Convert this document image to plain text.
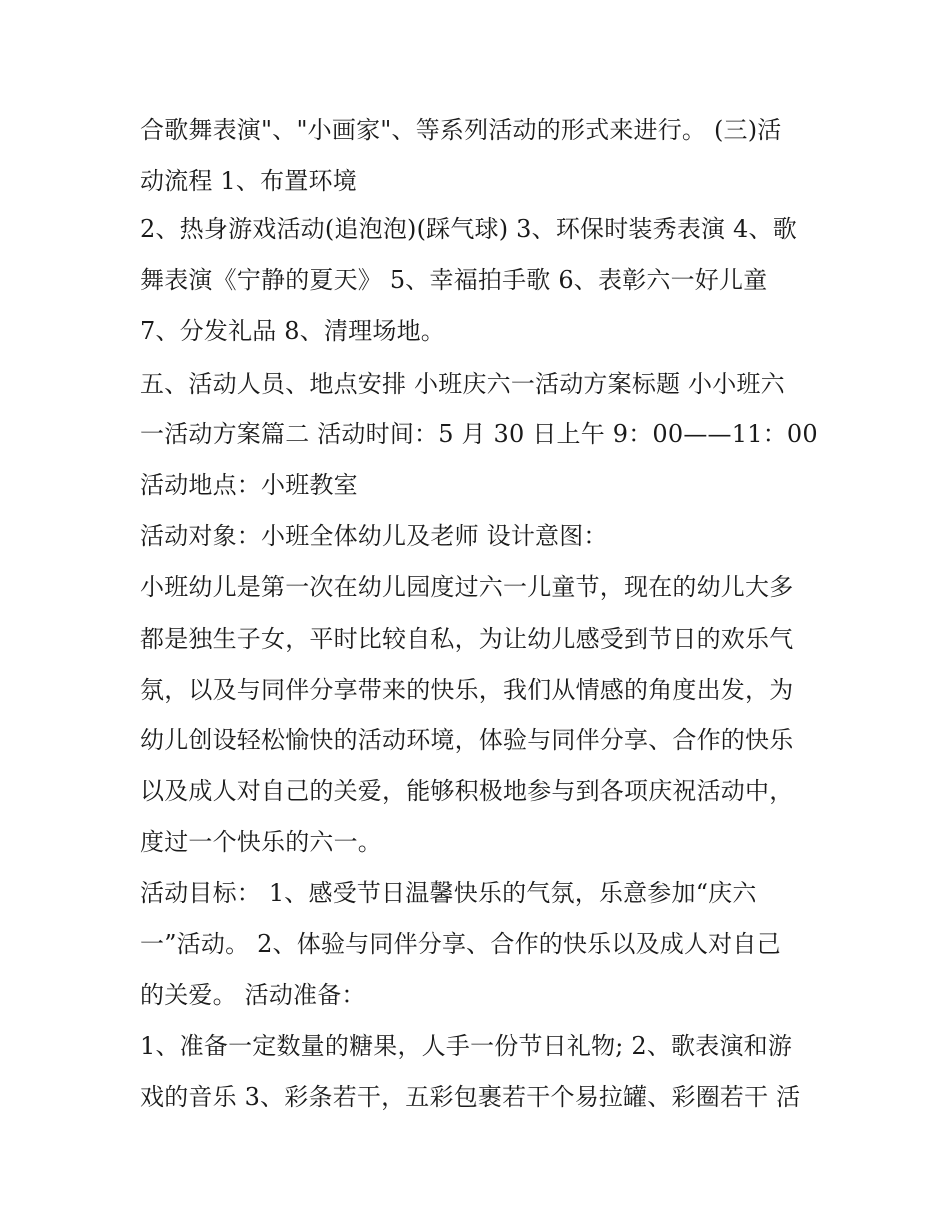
合歌舞表演"、"小画家"、等系列活动的形式来进行。 (三)活

动流程 1、布置环境

2、热身游戏活动(追泡泡)(踩气球) 3、环保时装秀表演 4、歌

舞表演《宁静的夏天》 5、幸福拍手歌 6、表彰六一好儿童

7、分发礼品 8、清理场地。

五、活动人员、地点安排 小班庆六一活动方案标题 小小班六

一活动方案篇二 活动时间：5 月 30 日上午 9：00——11：00

活动地点：小班教室

活动对象：小班全体幼儿及老师 设计意图：

小班幼儿是第一次在幼儿园度过六一儿童节，现在的幼儿大多

都是独生子女，平时比较自私，为让幼儿感受到节日的欢乐气

氛，以及与同伴分享带来的快乐，我们从情感的角度出发，为

幼儿创设轻松愉快的活动环境，体验与同伴分享、合作的快乐

以及成人对自己的关爱，能够积极地参与到各项庆祝活动中，

度过一个快乐的六一。

活动目标： 1、感受节日温馨快乐的气氛，乐意参加“庆六

一”活动。 2、体验与同伴分享、合作的快乐以及成人对自己

的关爱。 活动准备：

1、准备一定数量的糖果，人手一份节日礼物; 2、歌表演和游

戏的音乐 3、彩条若干，五彩包裹若干个易拉罐、彩圈若干 活
